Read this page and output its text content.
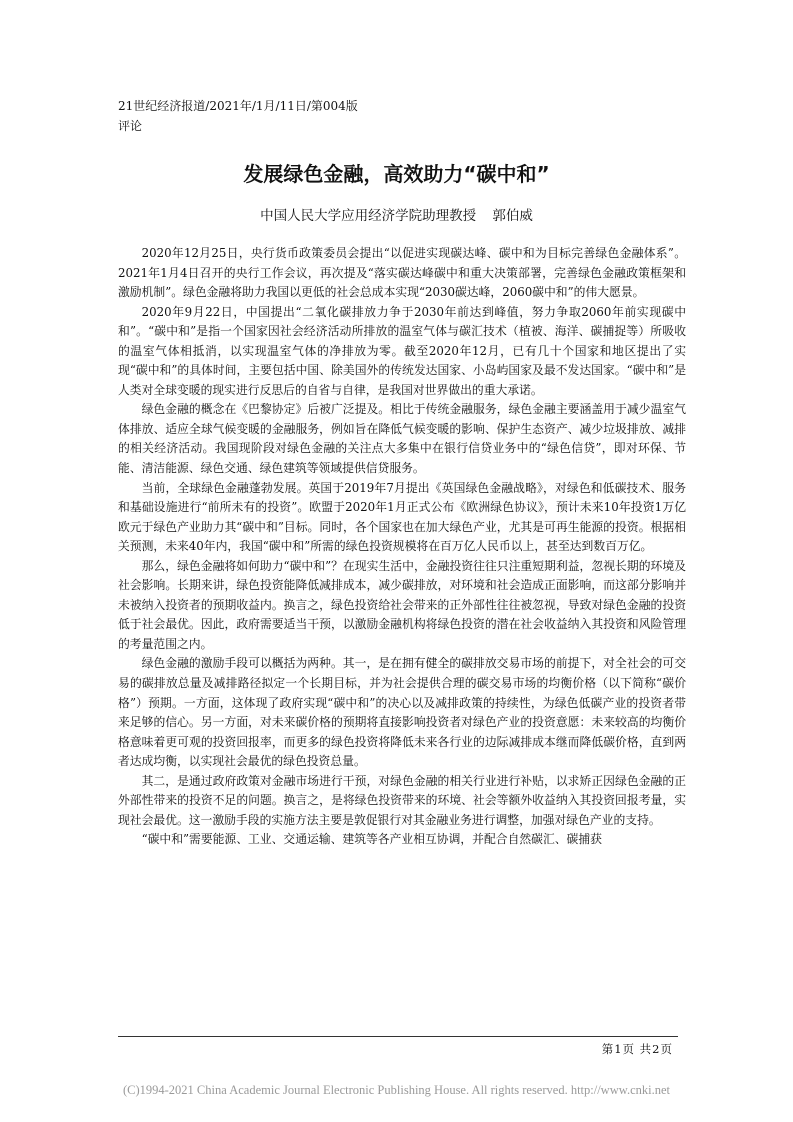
21世纪经济报道/2021年/1月/11日/第004版
评论
发展绿色金融，高效助力“碳中和”
中国人民大学应用经济学院助理教授 郭伯威

2020年12月25日，央行货币政策委员会提出“以促进实现碳达峰、碳中和为目标完善绿色金融体系”。2021年1月4日召开的央行工作会议，再次提及“落实碳达峰碳中和重大决策部署，完善绿色金融政策框架和激励机制”。绿色金融将助力我国以更低的社会总成本实现“2030碳达峰，2060碳中和”的伟大愿景。

2020年9月22日，中国提出“二氧化碳排放力争于2030年前达到峰值，努力争取2060年前实现碳中和”。“碳中和”是指一个国家因社会经济活动所排放的温室气体与碳汇技术（植被、海洋、碳捕捉等）所吸收的温室气体相抵消，以实现温室气体的净排放为零。截至2020年12月，已有几十个国家和地区提出了实现“碳中和”的具体时间，主要包括中国、除美国外的传统发达国家、小岛屿国家及最不发达国家。“碳中和”是人类对全球变暖的现实进行反思后的自省与自律，是我国对世界做出的重大承诺。

绿色金融的概念在《巴黎协定》后被广泛提及。相比于传统金融服务，绿色金融主要涵盖用于减少温室气体排放、适应全球气候变暖的金融服务，例如旨在降低气候变暖的影响、保护生态资产、减少垃圾排放、减排的相关经济活动。我国现阶段对绿色金融的关注点大多集中在银行信贷业务中的“绿色信贷”，即对环保、节能、清洁能源、绿色交通、绿色建筑等领域提供信贷服务。

当前，全球绿色金融蓬勃发展。英国于2019年7月提出《英国绿色金融战略》，对绿色和低碳技术、服务和基础设施进行“前所未有的投资”。欧盟于2020年1月正式公布《欧洲绿色协议》，预计未来10年投资1万亿欧元于绿色产业助力其“碳中和”目标。同时，各个国家也在加大绿色产业，尤其是可再生能源的投资。根据相关预测，未来40年内，我国“碳中和”所需的绿色投资规模将在百万亿人民币以上，甚至达到数百万亿。

那么，绿色金融将如何助力“碳中和”？在现实生活中，金融投资往往只注重短期利益，忽视长期的环境及社会影响。长期来讲，绿色投资能降低减排成本，减少碳排放，对环境和社会造成正面影响，而这部分影响并未被纳入投资者的预期收益内。换言之，绿色投资给社会带来的正外部性往往被忽视，导致对绿色金融的投资低于社会最优。因此，政府需要适当干预，以激励金融机构将绿色投资的潜在社会收益纳入其投资和风险管理的考量范围之内。

绿色金融的激励手段可以概括为两种。其一，是在拥有健全的碳排放交易市场的前提下，对全社会的可交易的碳排放总量及减排路径拟定一个长期目标，并为社会提供合理的碳交易市场的均衡价格（以下简称“碳价格”）预期。一方面，这体现了政府实现“碳中和”的决心以及减排政策的持续性，为绿色低碳产业的投资者带来足够的信心。另一方面，对未来碳价格的预期将直接影响投资者对绿色产业的投资意愿：未来较高的均衡价格意味着更可观的投资回报率，而更多的绿色投资将降低未来各行业的边际减排成本继而降低碳价格，直到两者达成均衡，以实现社会最优的绿色投资总量。

其二，是通过政府政策对金融市场进行干预，对绿色金融的相关行业进行补贴，以求矫正因绿色金融的正外部性带来的投资不足的问题。换言之，是将绿色投资带来的环境、社会等额外收益纳入其投资回报考量，实现社会最优。这一激励手段的实施方法主要是敦促银行对其金融业务进行调整，加强对绿色产业的支持。

“碳中和”需要能源、工业、交通运输、建筑等各产业相互协调，并配合自然碳汇、碳捕获

第1页 共2页
(C)1994-2021 China Academic Journal Electronic Publishing House. All rights reserved. http://www.cnki.net
